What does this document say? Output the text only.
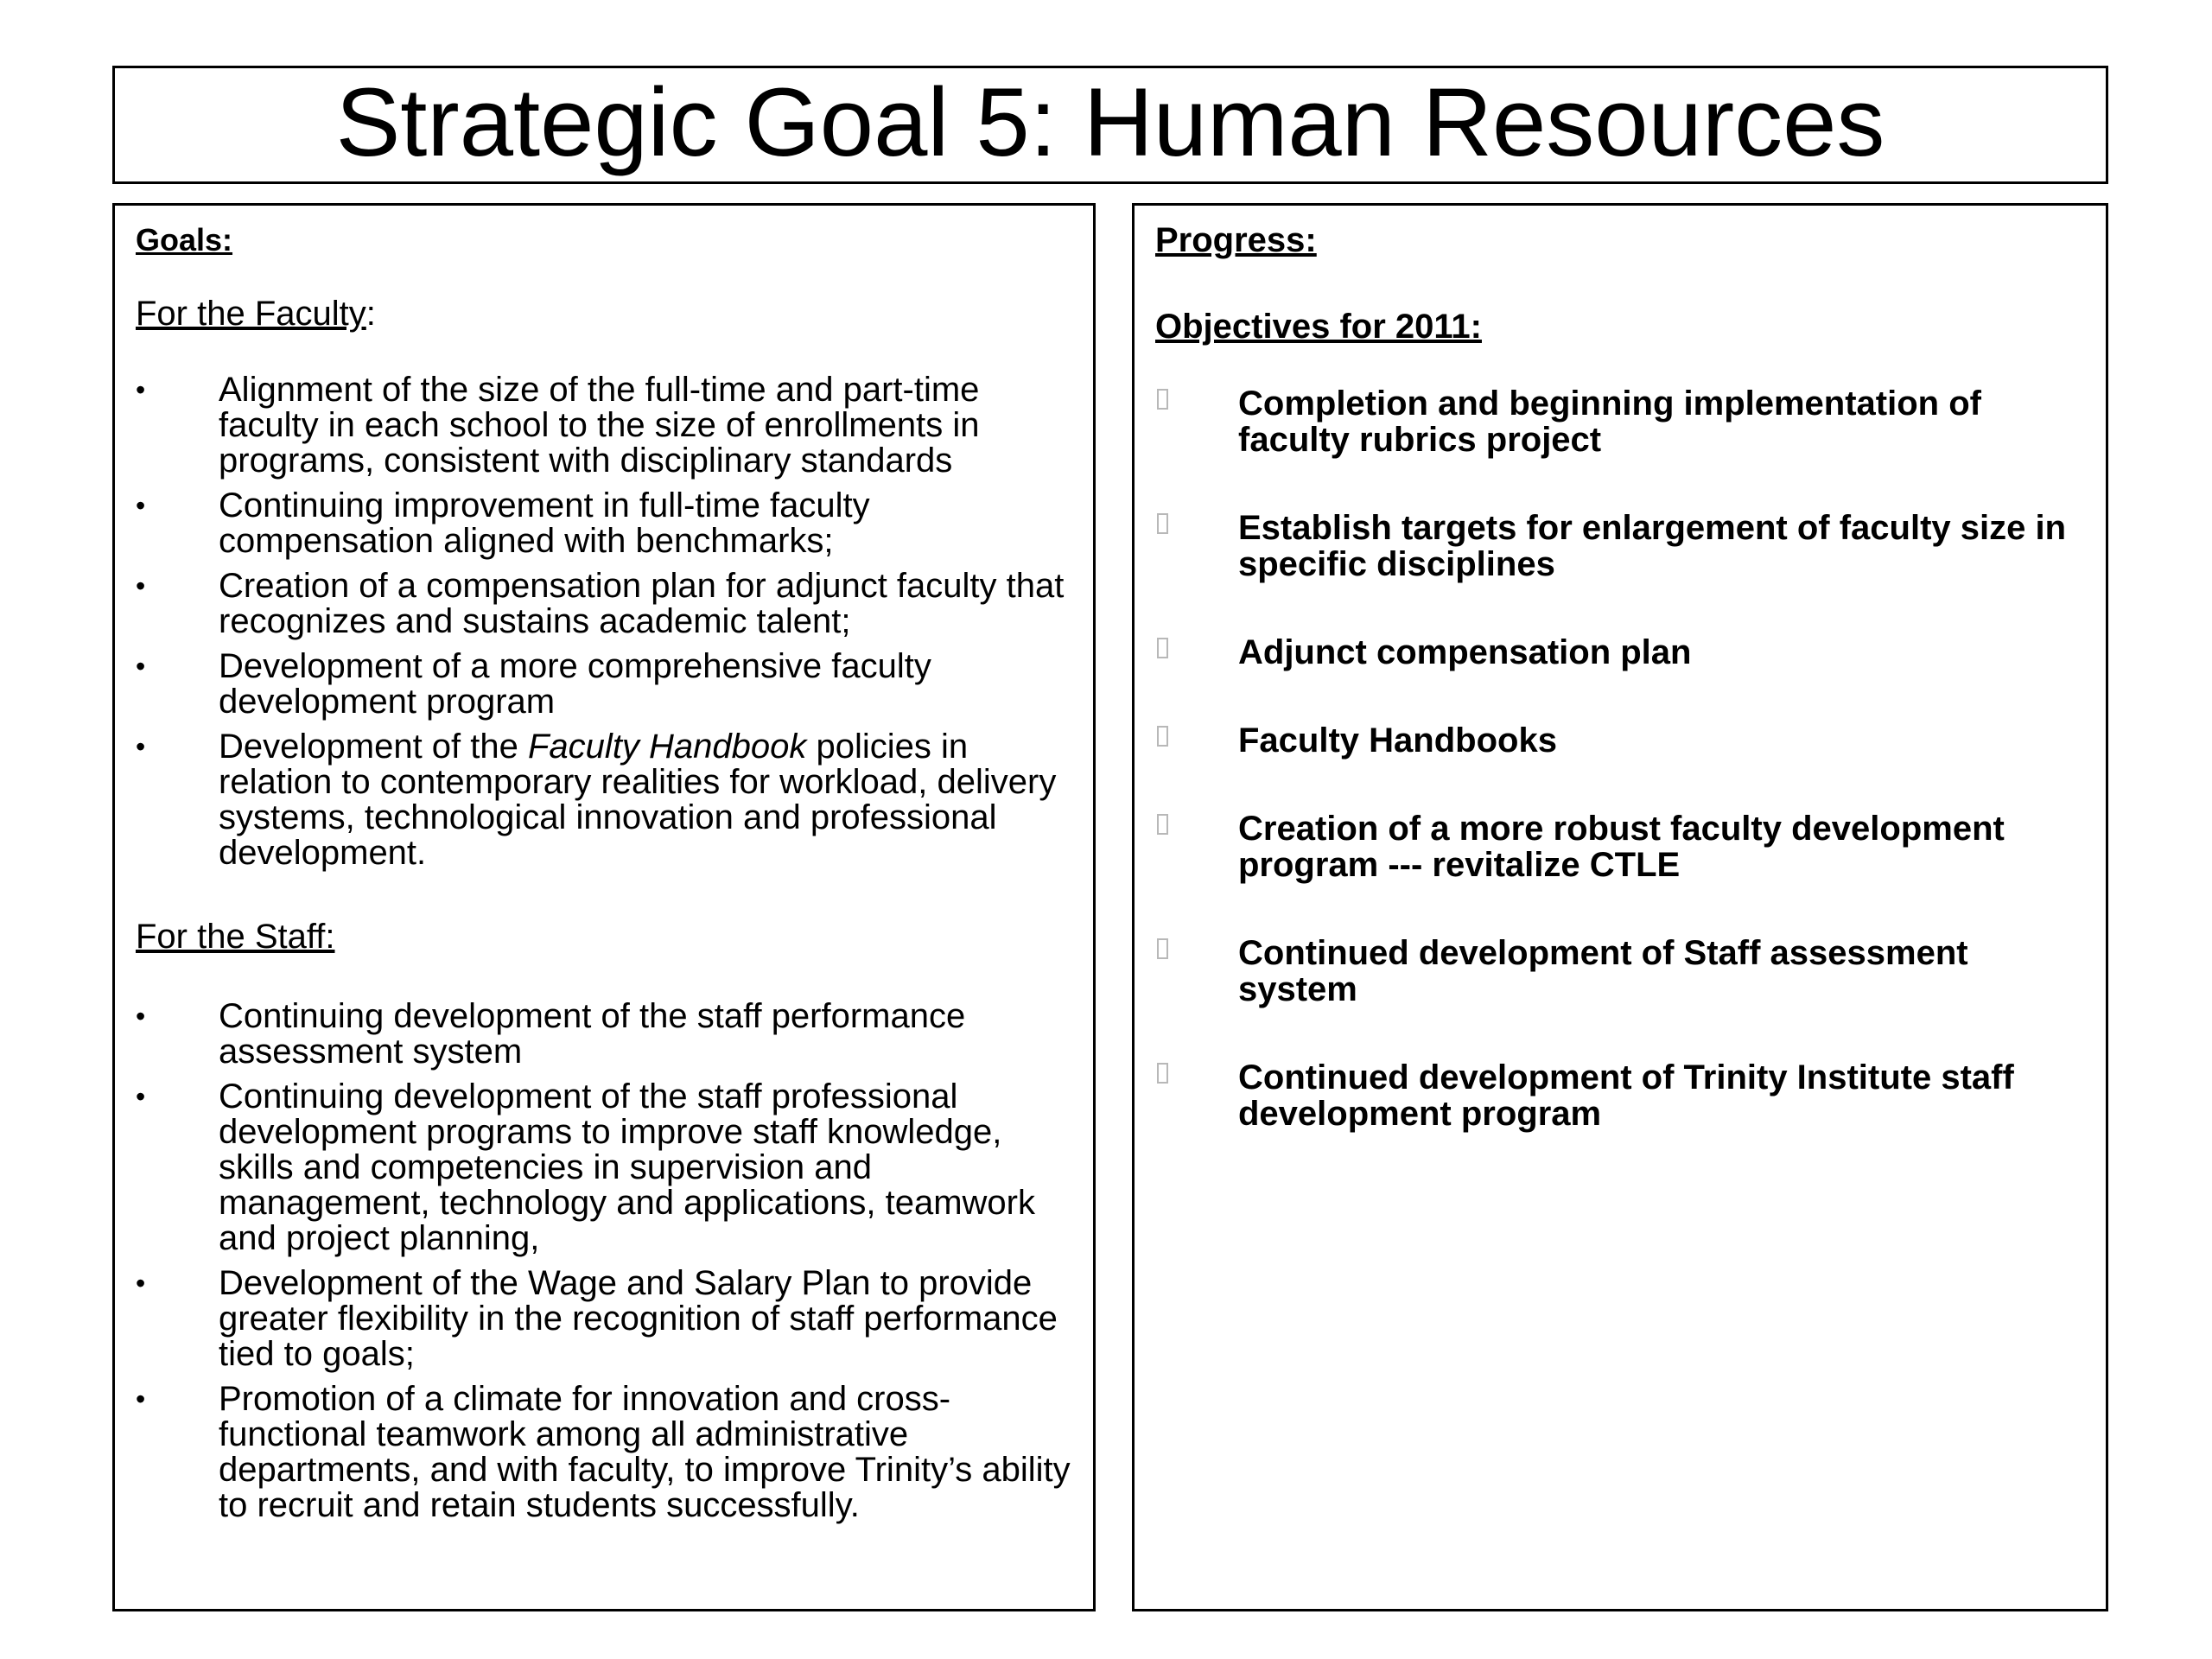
Strategic Goal 5: Human Resources
Goals:
For the Faculty:
• Alignment of the size of the full-time and part-time faculty in each school to the size of enrollments in programs, consistent with disciplinary standards
• Continuing improvement in full-time faculty compensation aligned with benchmarks;
• Creation of a compensation plan for adjunct faculty that recognizes and sustains academic talent;
• Development of a more comprehensive faculty development program
• Development of the Faculty Handbook policies in relation to contemporary realities for workload, delivery systems, technological innovation and professional development.
For the Staff:
• Continuing development of the staff performance assessment system
• Continuing development of the staff professional development programs to improve staff knowledge, skills and competencies in supervision and management, technology and applications, teamwork and project planning,
• Development of the Wage and Salary Plan to provide greater flexibility in the recognition of staff performance tied to goals;
• Promotion of a climate for innovation and cross-functional teamwork among all administrative departments, and with faculty, to improve Trinity’s ability to recruit and retain students successfully.
Progress:
Objectives for 2011:
Completion and beginning implementation of faculty rubrics project
Establish targets for enlargement of faculty size in specific disciplines
Adjunct compensation plan
Faculty Handbooks
Creation of a more robust faculty development program --- revitalize CTLE
Continued development of Staff assessment system
Continued development of Trinity Institute staff development program
